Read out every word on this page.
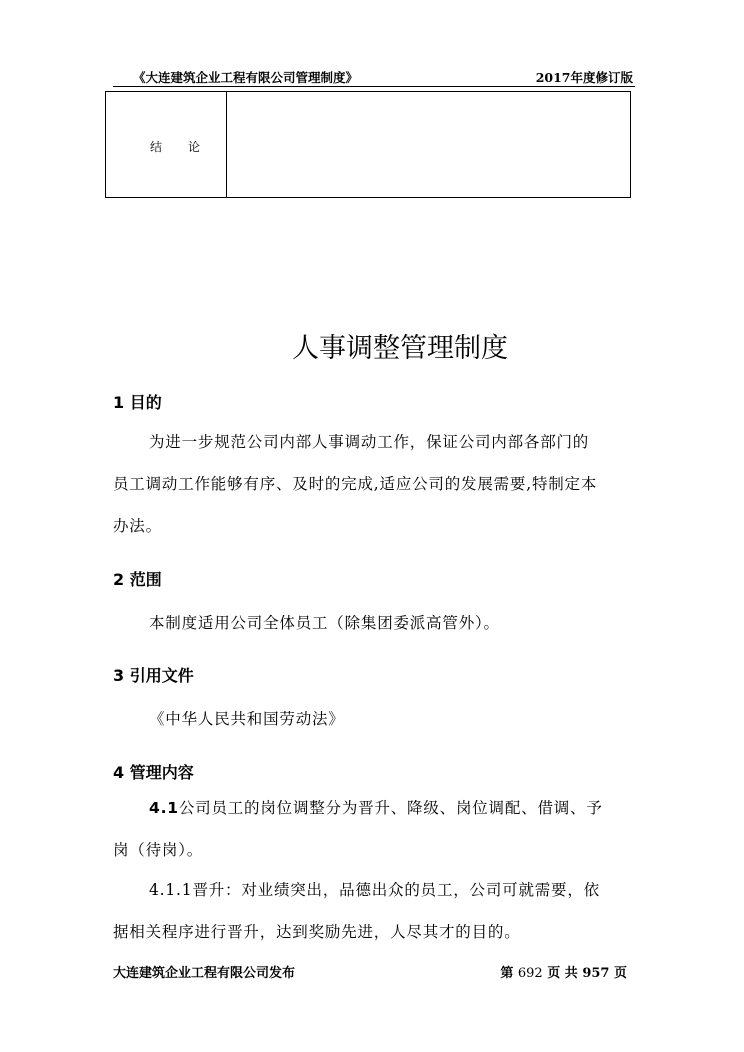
《大连建筑企业工程有限公司管理制度》	2017年度修订版
结论
人事调整管理制度
1 目的

为进一步规范公司内部人事调动工作，保证公司内部各部门的

员工调动工作能够有序、及时的完成,适应公司的发展需要,特制定本

办法。

2 范围

本制度适用公司全体员工（除集团委派高管外）。

3 引用文件

《中华人民共和国劳动法》

4 管理内容

4.1公司员工的岗位调整分为晋升、降级、岗位调配、借调、予

岗（待岗）。

4.1.1晋升：对业绩突出，品德出众的员工，公司可就需要，依

据相关程序进行晋升，达到奖励先进，人尽其才的目的。

大连建筑企业工程有限公司发布	第 692 页 共 957 页
